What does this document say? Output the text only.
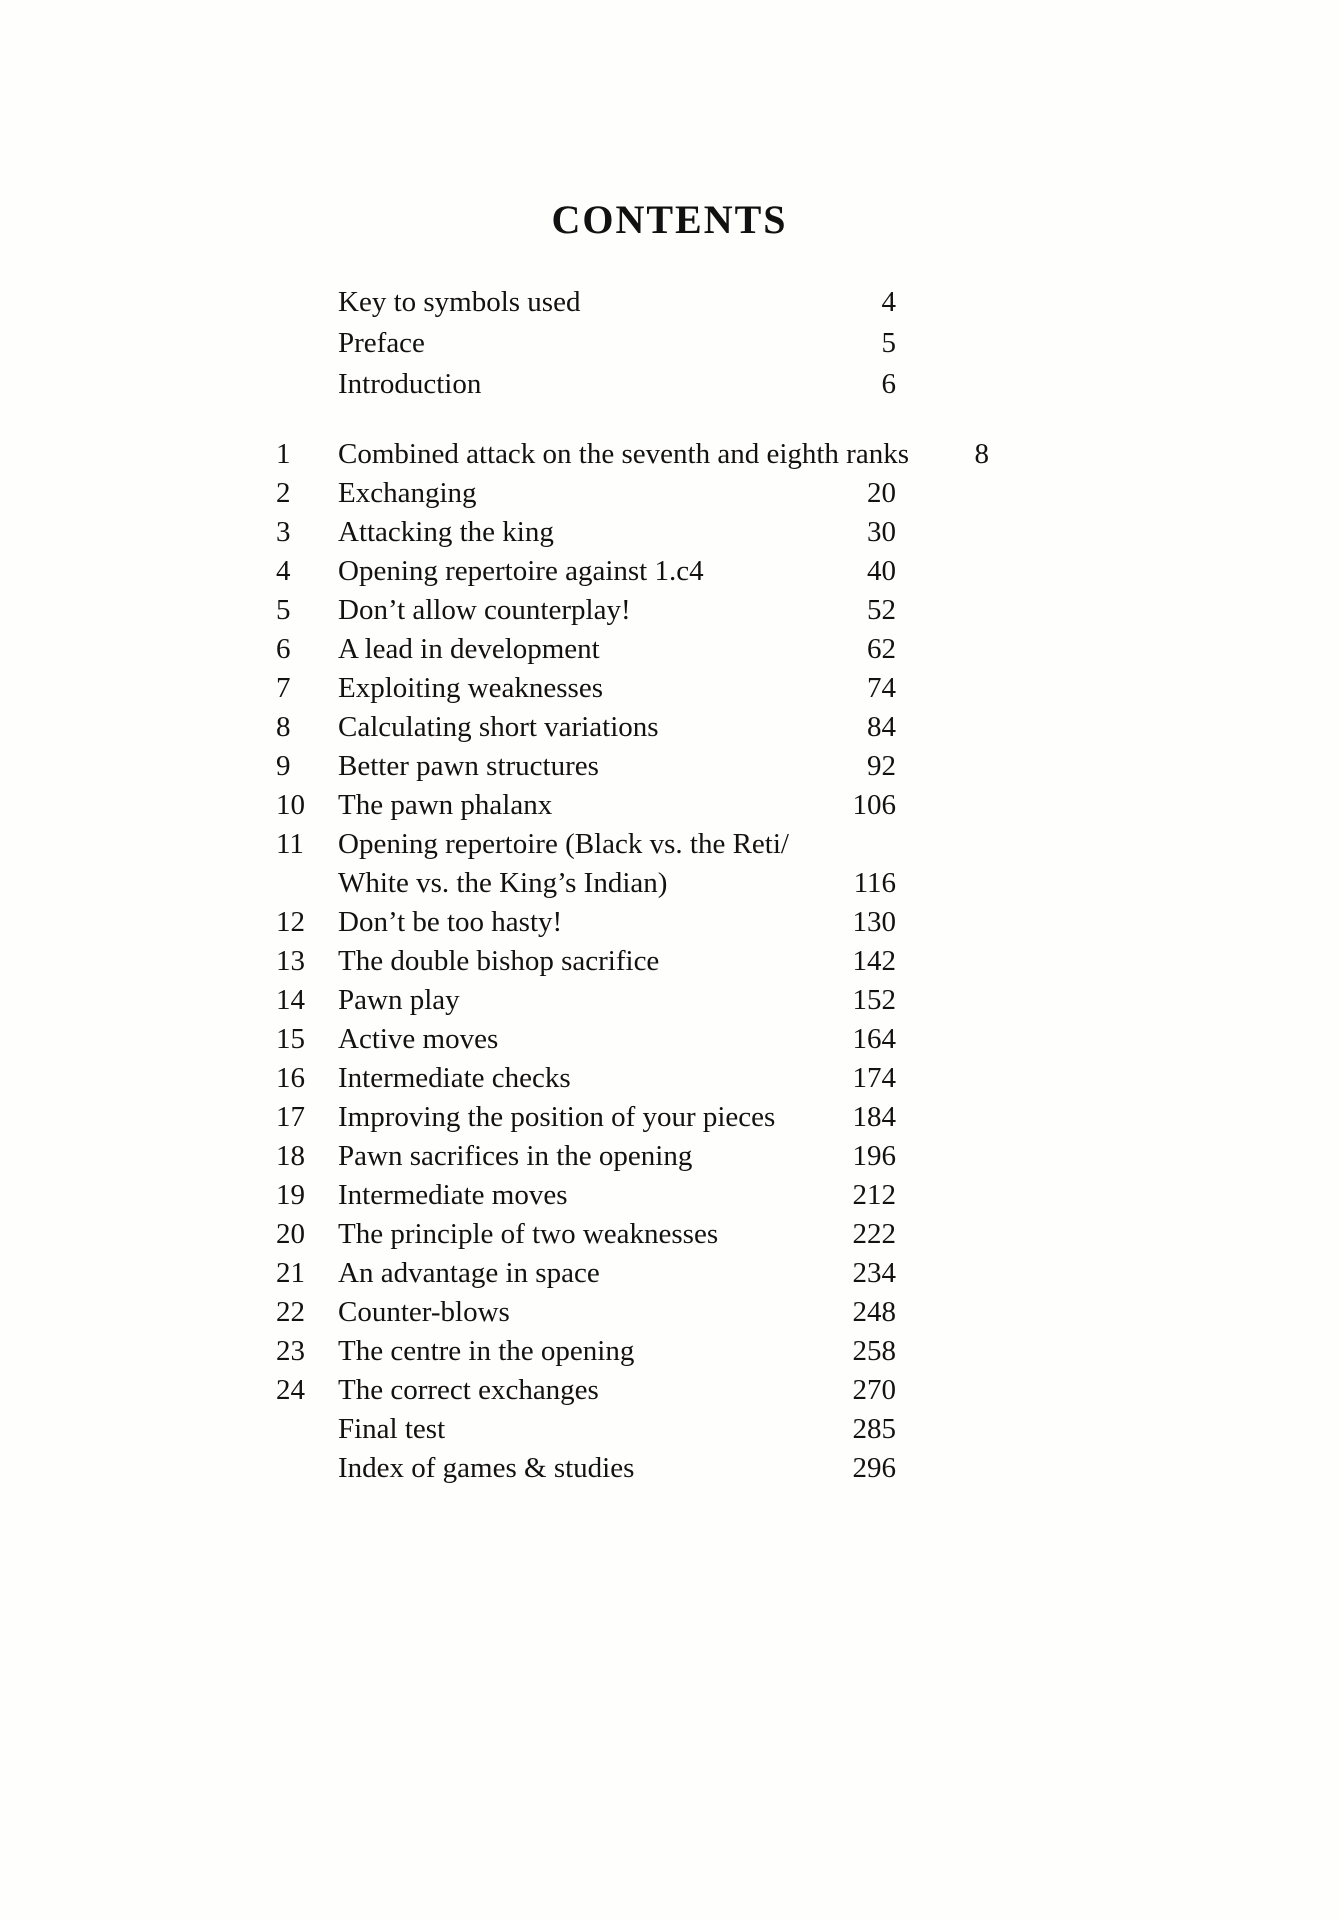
CONTENTS
Key to symbols used	4
Preface	5
Introduction	6
1	Combined attack on the seventh and eighth ranks	8
2	Exchanging	20
3	Attacking the king	30
4	Opening repertoire against 1.c4	40
5	Don’t allow counterplay!	52
6	A lead in development	62
7	Exploiting weaknesses	74
8	Calculating short variations	84
9	Better pawn structures	92
10	The pawn phalanx	106
11	Opening repertoire (Black vs. the Reti/
White vs. the King’s Indian)	116
12	Don’t be too hasty!	130
13	The double bishop sacrifice	142
14	Pawn play	152
15	Active moves	164
16	Intermediate checks	174
17	Improving the position of your pieces	184
18	Pawn sacrifices in the opening	196
19	Intermediate moves	212
20	The principle of two weaknesses	222
21	An advantage in space	234
22	Counter-blows	248
23	The centre in the opening	258
24	The correct exchanges	270
Final test	285
Index of games & studies	296
